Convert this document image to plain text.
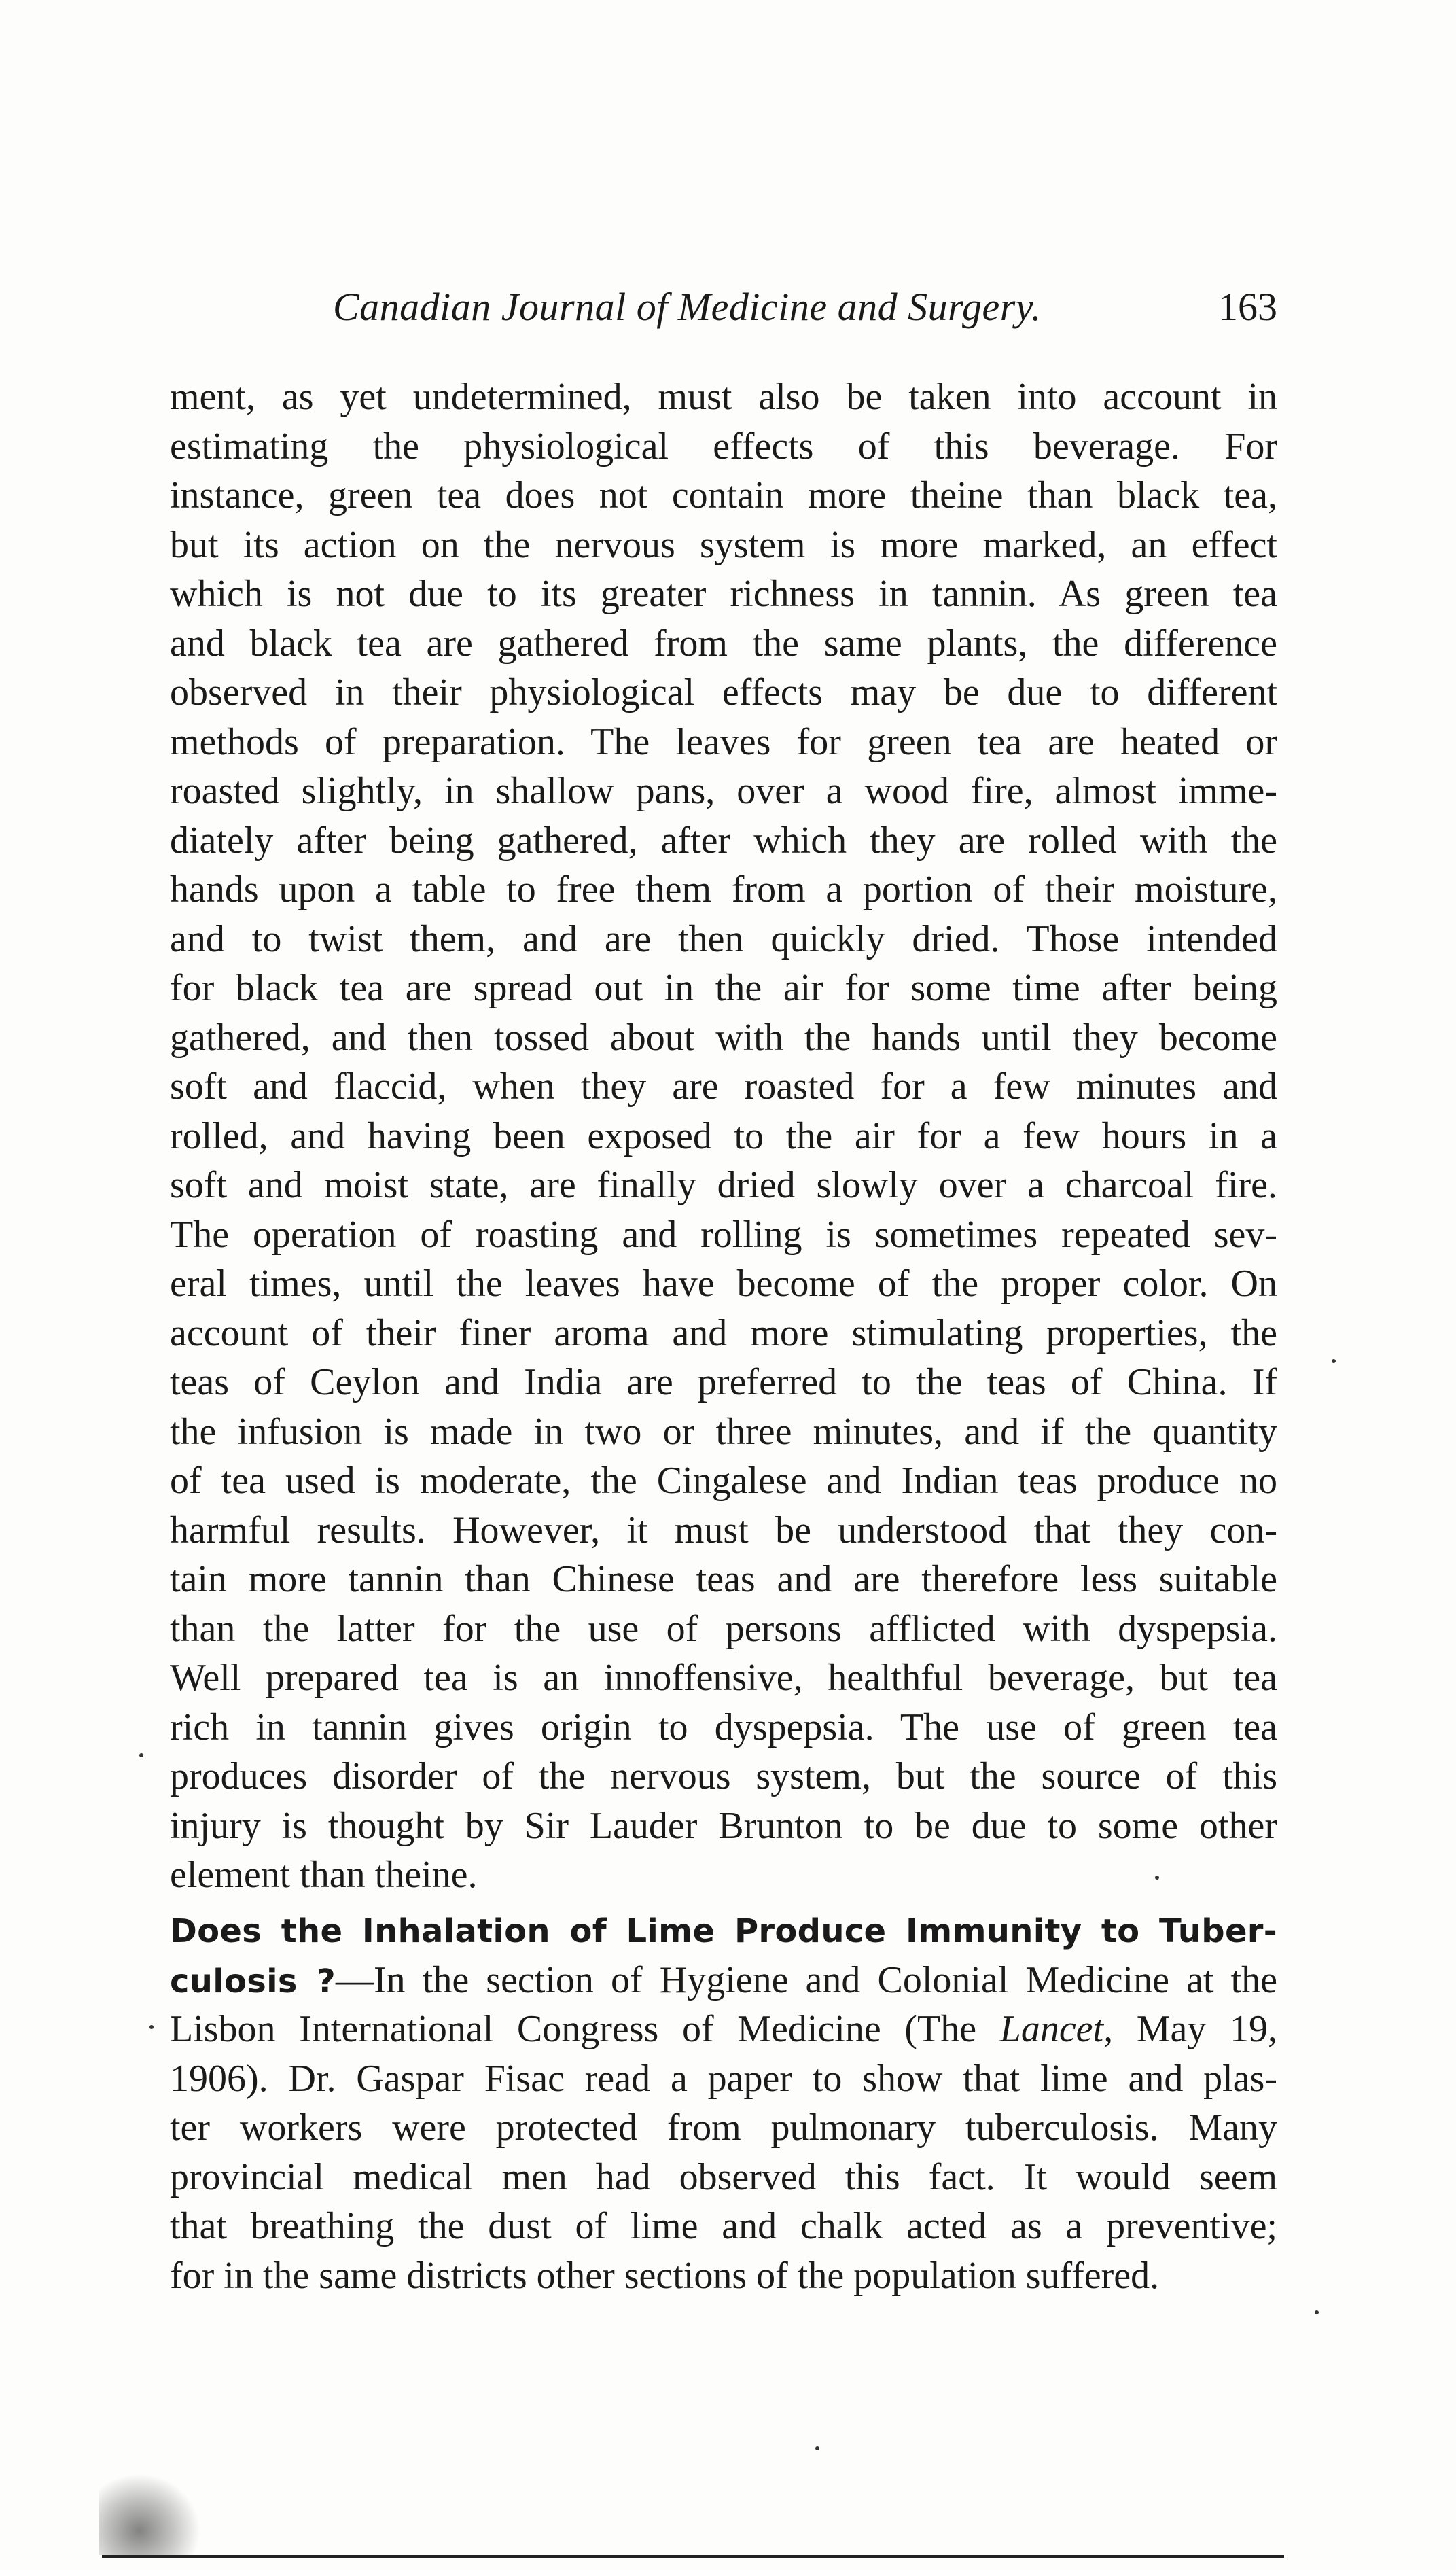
Canadian Journal of Medicine and Surgery.	163
ment, as yet undetermined, must also be taken into account in
estimating the physiological effects of this beverage. For
instance, green tea does not contain more theine than black tea,
but its action on the nervous system is more marked, an effect
which is not due to its greater richness in tannin. As green tea
and black tea are gathered from the same plants, the difference
observed in their physiological effects may be due to different
methods of preparation. The leaves for green tea are heated or
roasted slightly, in shallow pans, over a wood fire, almost imme-
diately after being gathered, after which they are rolled with the
hands upon a table to free them from a portion of their moisture,
and to twist them, and are then quickly dried. Those intended
for black tea are spread out in the air for some time after being
gathered, and then tossed about with the hands until they become
soft and flaccid, when they are roasted for a few minutes and
rolled, and having been exposed to the air for a few hours in a
soft and moist state, are finally dried slowly over a charcoal fire.
The operation of roasting and rolling is sometimes repeated sev-
eral times, until the leaves have become of the proper color. On
account of their finer aroma and more stimulating properties, the
teas of Ceylon and India are preferred to the teas of China. If
the infusion is made in two or three minutes, and if the quantity
of tea used is moderate, the Cingalese and Indian teas produce no
harmful results. However, it must be understood that they con-
tain more tannin than Chinese teas and are therefore less suitable
than the latter for the use of persons afflicted with dyspepsia.
Well prepared tea is an innoffensive, healthful beverage, but tea
rich in tannin gives origin to dyspepsia. The use of green tea
produces disorder of the nervous system, but the source of this
injury is thought by Sir Lauder Brunton to be due to some other
element than theine.
Does the Inhalation of Lime Produce Immunity to Tuber-
culosis ?—In the section of Hygiene and Colonial Medicine at the
Lisbon International Congress of Medicine (The Lancet, May 19,
1906). Dr. Gaspar Fisac read a paper to show that lime and plas-
ter workers were protected from pulmonary tuberculosis. Many
provincial medical men had observed this fact. It would seem
that breathing the dust of lime and chalk acted as a preventive;
for in the same districts other sections of the population suffered.
